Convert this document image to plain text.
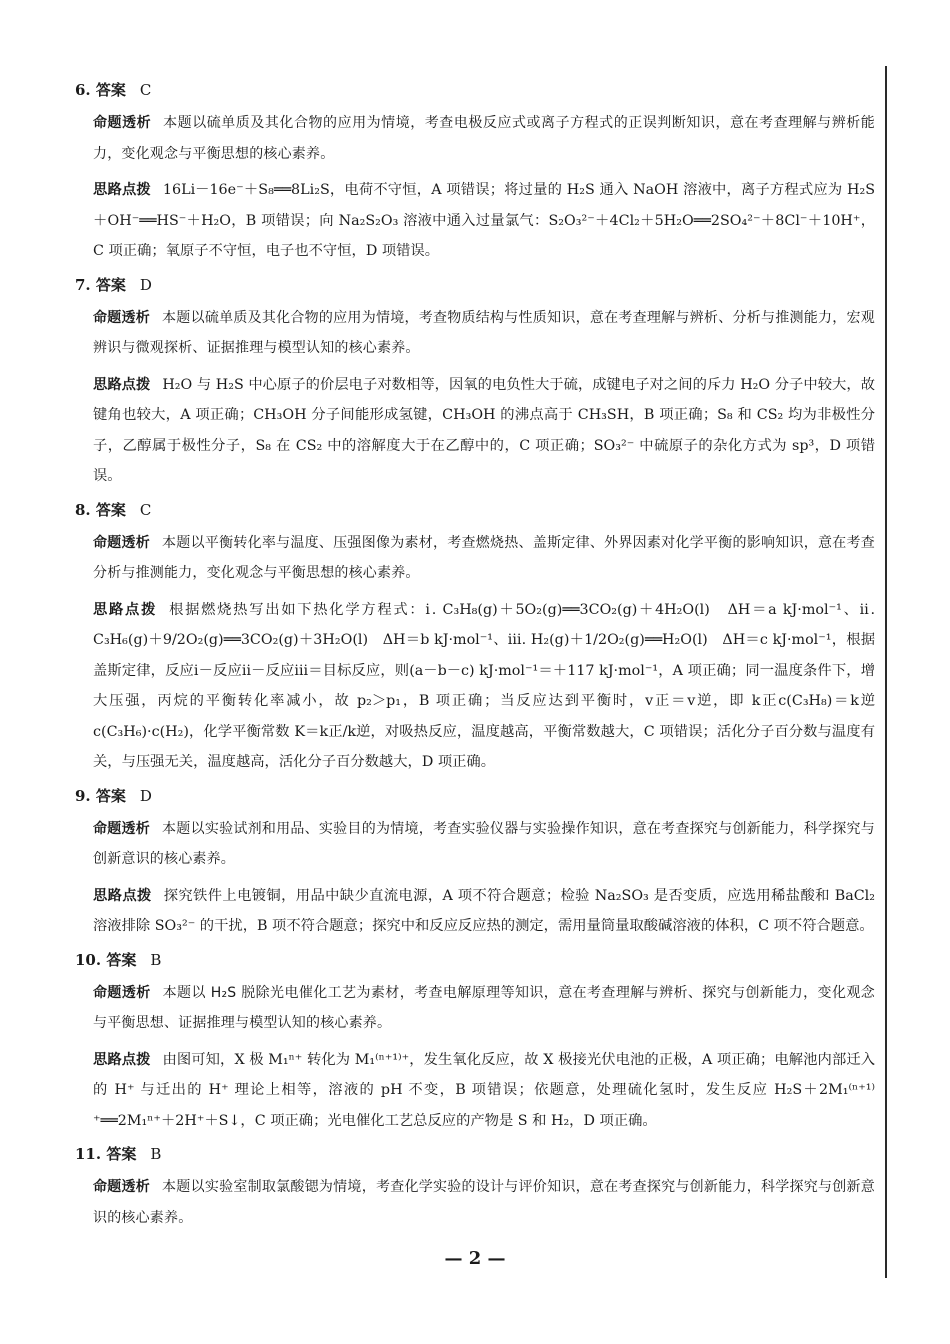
6. 答案 C

命题透析 本题以硫单质及其化合物的应用为情境，考查电极反应式或离子方程式的正误判断知识，意在考查理解与辨析能力，变化观念与平衡思想的核心素养。

思路点拨 16Li－16e⁻＋S₈══8Li₂S，电荷不守恒，A 项错误；将过量的 H₂S 通入 NaOH 溶液中，离子方程式应为 H₂S＋OH⁻══HS⁻＋H₂O，B 项错误；向 Na₂S₂O₃ 溶液中通入过量氯气：S₂O₃²⁻＋4Cl₂＋5H₂O══2SO₄²⁻＋8Cl⁻＋10H⁺，C 项正确；氧原子不守恒，电子也不守恒，D 项错误。

7. 答案 D

命题透析 本题以硫单质及其化合物的应用为情境，考查物质结构与性质知识，意在考查理解与辨析、分析与推测能力，宏观辨识与微观探析、证据推理与模型认知的核心素养。

思路点拨 H₂O 与 H₂S 中心原子的价层电子对数相等，因氧的电负性大于硫，成键电子对之间的斥力 H₂O 分子中较大，故键角也较大，A 项正确；CH₃OH 分子间能形成氢键，CH₃OH 的沸点高于 CH₃SH，B 项正确；S₈ 和 CS₂ 均为非极性分子，乙醇属于极性分子，S₈ 在 CS₂ 中的溶解度大于在乙醇中的，C 项正确；SO₃²⁻ 中硫原子的杂化方式为 sp³，D 项错误。

8. 答案 C

命题透析 本题以平衡转化率与温度、压强图像为素材，考查燃烧热、盖斯定律、外界因素对化学平衡的影响知识，意在考查分析与推测能力，变化观念与平衡思想的核心素养。

思路点拨 根据燃烧热写出如下热化学方程式：ⅰ. C₃H₈(g)＋5O₂(g)══3CO₂(g)＋4H₂O(l)　ΔH＝a kJ·mol⁻¹、ⅱ. C₃H₆(g)＋9/2O₂(g)══3CO₂(g)＋3H₂O(l)　ΔH＝b kJ·mol⁻¹、ⅲ. H₂(g)＋1/2O₂(g)══H₂O(l)　ΔH＝c kJ·mol⁻¹，根据盖斯定律，反应ⅰ－反应ⅱ－反应ⅲ＝目标反应，则(a－b－c) kJ·mol⁻¹＝＋117 kJ·mol⁻¹，A 项正确；同一温度条件下，增大压强，丙烷的平衡转化率减小，故 p₂＞p₁，B 项正确；当反应达到平衡时，v正＝v逆，即 k正c(C₃H₈)＝k逆c(C₃H₆)·c(H₂)，化学平衡常数 K＝k正/k逆，对吸热反应，温度越高，平衡常数越大，C 项错误；活化分子百分数与温度有关，与压强无关，温度越高，活化分子百分数越大，D 项正确。

9. 答案 D

命题透析 本题以实验试剂和用品、实验目的为情境，考查实验仪器与实验操作知识，意在考查探究与创新能力，科学探究与创新意识的核心素养。

思路点拨 探究铁件上电镀铜，用品中缺少直流电源，A 项不符合题意；检验 Na₂SO₃ 是否变质，应选用稀盐酸和 BaCl₂ 溶液排除 SO₃²⁻ 的干扰，B 项不符合题意；探究中和反应反应热的测定，需用量筒量取酸碱溶液的体积，C 项不符合题意。

10. 答案 B

命题透析 本题以 H₂S 脱除光电催化工艺为素材，考查电解原理等知识，意在考查理解与辨析、探究与创新能力，变化观念与平衡思想、证据推理与模型认知的核心素养。

思路点拨 由图可知，X 极 M₁ⁿ⁺ 转化为 M₁⁽ⁿ⁺¹⁾⁺，发生氧化反应，故 X 极接光伏电池的正极，A 项正确；电解池内部迁入的 H⁺ 与迁出的 H⁺ 理论上相等，溶液的 pH 不变，B 项错误；依题意，处理硫化氢时，发生反应 H₂S＋2M₁⁽ⁿ⁺¹⁾⁺══2M₁ⁿ⁺＋2H⁺＋S↓，C 项正确；光电催化工艺总反应的产物是 S 和 H₂，D 项正确。

11. 答案 B

命题透析 本题以实验室制取氯酸锶为情境，考查化学实验的设计与评价知识，意在考查探究与创新能力，科学探究与创新意识的核心素养。

— 2 —
